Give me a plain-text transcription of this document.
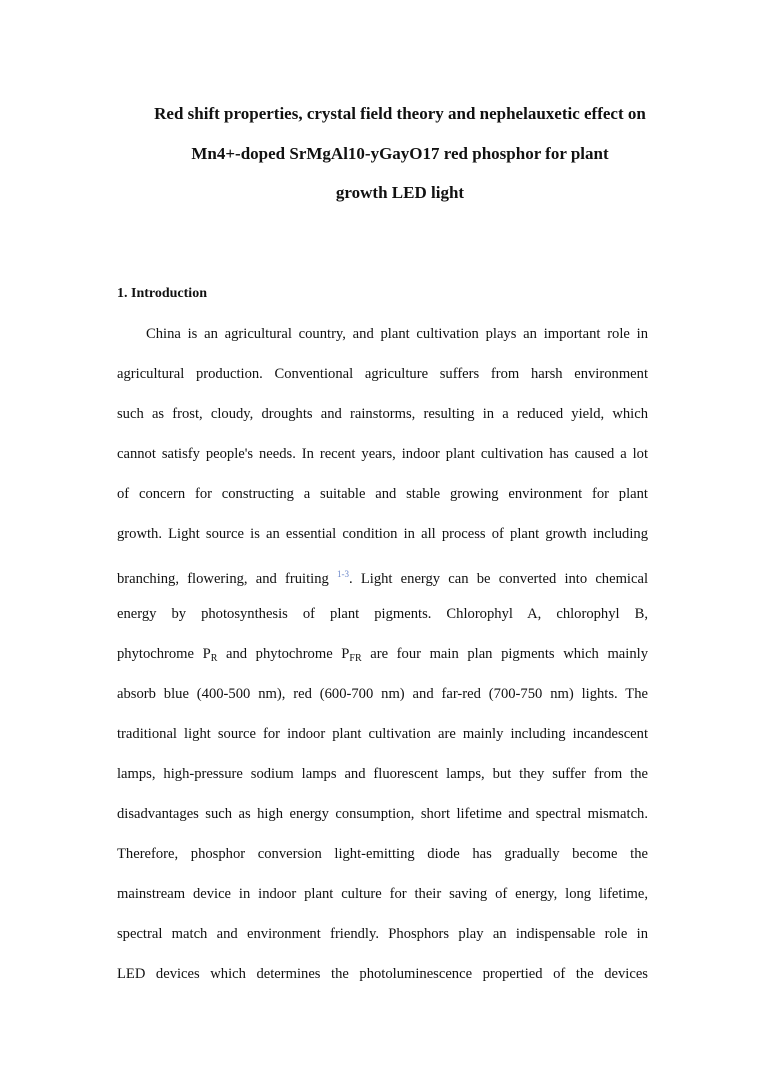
Red shift properties, crystal field theory and nephelauxetic effect on
Mn4+-doped SrMgAl10-yGayO17 red phosphor for plant
growth LED light
1. Introduction
China is an agricultural country, and plant cultivation plays an important role in
agricultural production. Conventional agriculture suffers from harsh environment
such as frost, cloudy, droughts and rainstorms, resulting in a reduced yield, which
cannot satisfy people's needs. In recent years, indoor plant cultivation has caused a lot
of concern for constructing a suitable and stable growing environment for plant
growth. Light source is an essential condition in all process of plant growth including
branching, flowering, and fruiting $^{1-3}$. Light energy can be converted into chemical
energy by photosynthesis of plant pigments. Chlorophyl A, chlorophyl B,
phytochrome $P_R$ and phytochrome $P_{FR}$ are four main plan pigments which mainly
absorb blue (400-500 nm), red (600-700 nm) and far-red (700-750 nm) lights. The
traditional light source for indoor plant cultivation are mainly including incandescent
lamps, high-pressure sodium lamps and fluorescent lamps, but they suffer from the
disadvantages such as high energy consumption, short lifetime and spectral mismatch.
Therefore, phosphor conversion light-emitting diode has gradually become the
mainstream device in indoor plant culture for their saving of energy, long lifetime,
spectral match and environment friendly. Phosphors play an indispensable role in
LED devices which determines the photoluminescence propertied of the devices
